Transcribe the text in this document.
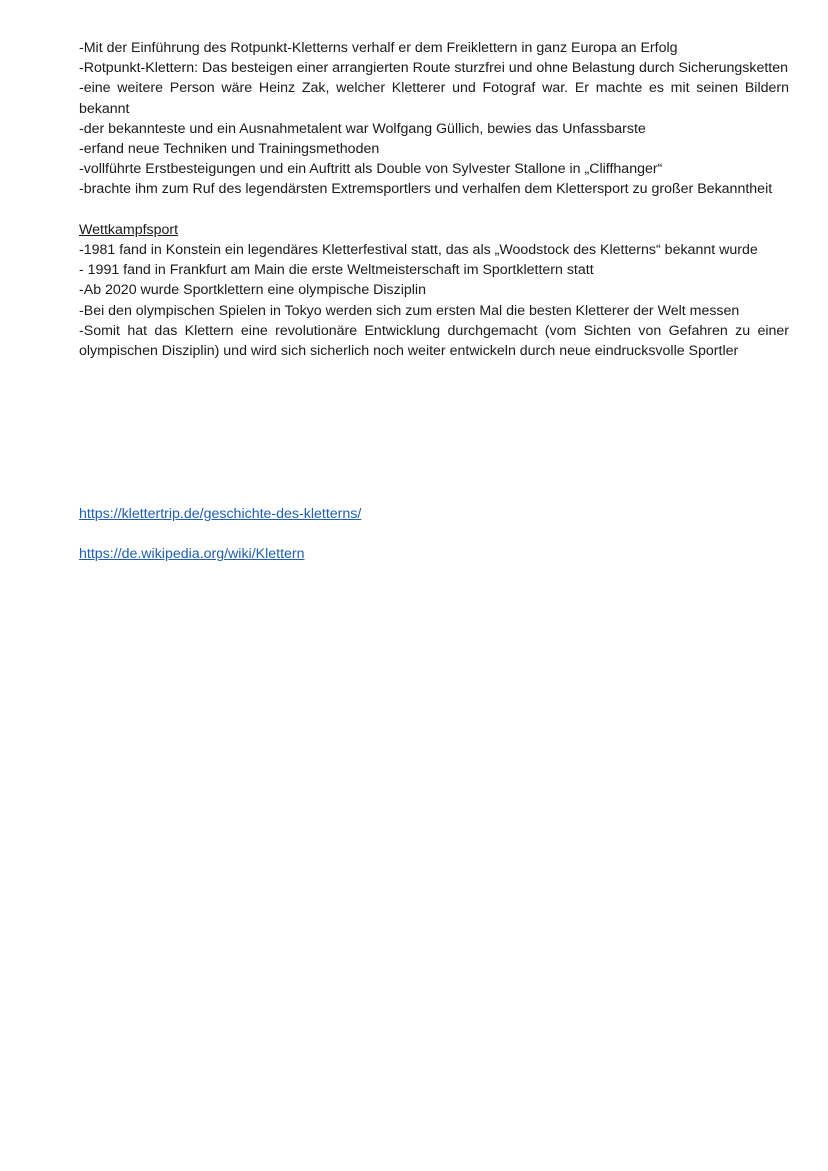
-Mit der Einführung des Rotpunkt-Kletterns verhalf er dem Freiklettern in ganz Europa an Erfolg

-Rotpunkt-Klettern: Das besteigen einer arrangierten Route sturzfrei und ohne Belastung durch Sicherungsketten

-eine weitere Person wäre Heinz Zak, welcher Kletterer und Fotograf war. Er machte es mit seinen Bildern bekannt

-der bekannteste und ein Ausnahmetalent war Wolfgang Güllich, bewies das Unfassbarste

-erfand neue Techniken und Trainingsmethoden

-vollführte Erstbesteigungen und ein Auftritt als Double von Sylvester Stallone in „Cliffhanger“

-brachte ihm zum Ruf des legendärsten Extremsportlers und verhalfen dem Klettersport zu großer Bekanntheit

Wettkampfsport

-1981 fand in Konstein ein legendäres Kletterfestival statt, das als „Woodstock des Kletterns“ bekannt wurde

- 1991 fand in Frankfurt am Main die erste Weltmeisterschaft im Sportklettern statt

-Ab 2020 wurde Sportklettern eine olympische Disziplin

-Bei den olympischen Spielen in Tokyo werden sich zum ersten Mal die besten Kletterer der Welt messen

-Somit hat das Klettern eine revolutionäre Entwicklung durchgemacht (vom Sichten von Gefahren zu einer olympischen Disziplin) und wird sich sicherlich noch weiter entwickeln durch neue eindrucksvolle Sportler

https://klettertrip.de/geschichte-des-kletterns/
https://de.wikipedia.org/wiki/Klettern
